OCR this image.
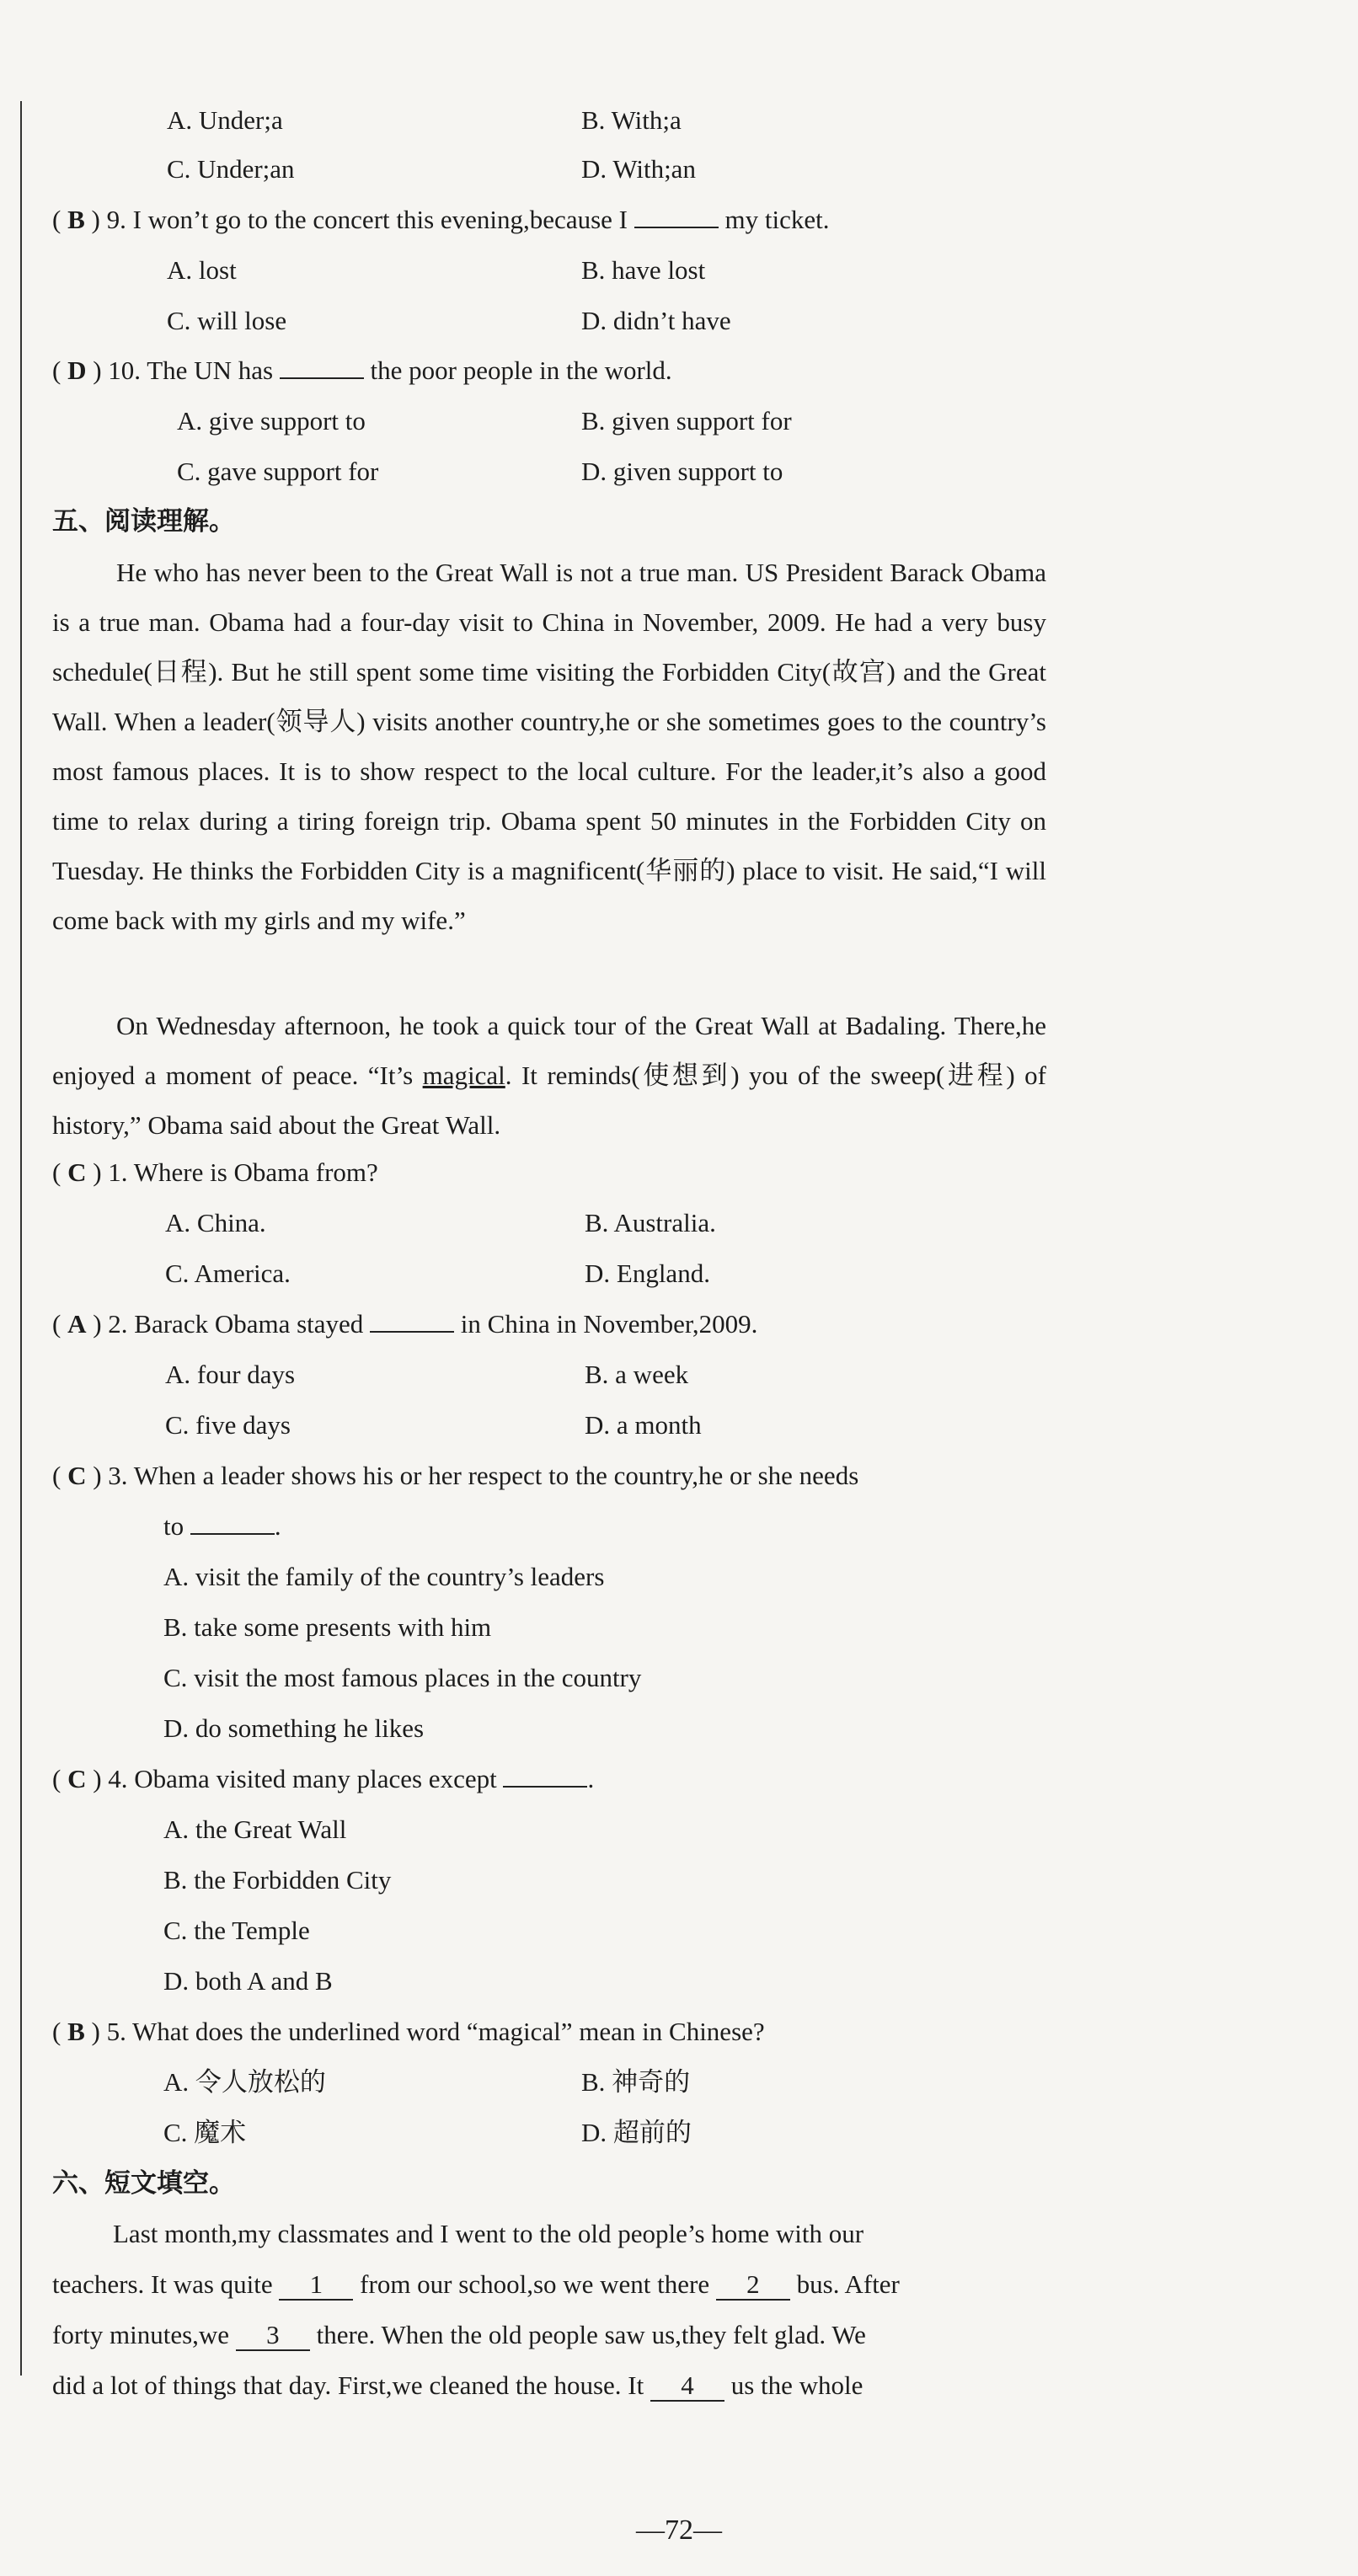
A. Under;a	B. With;a
C. Under;an	D. With;an
( B ) 9. I won’t go to the concert this evening,because I	my ticket.
A. lost	B. have lost
C. will lose	D. didn’t have
( D ) 10. The UN has	the poor people in the world.
A. give support to	B. given support for
C. gave support for	D. given support to
五、阅读理解。
He who has never been to the Great Wall is not a true man. US President Barack Obama is a true man. Obama had a four-day visit to China in November, 2009. He had a very busy schedule(日程). But he still spent some time visiting the Forbidden City(故宫) and the Great Wall. When a leader(领导人) visits another country,he or she sometimes goes to the country’s most famous places. It is to show respect to the local culture. For the leader,it’s also a good time to relax during a tiring foreign trip. Obama spent 50 minutes in the Forbidden City on Tuesday. He thinks the Forbidden City is a magnificent(华丽的) place to visit. He said,“I will come back with my girls and my wife.”
On Wednesday afternoon, he took a quick tour of the Great Wall at Badaling. There,he enjoyed a moment of peace. “It’s magical. It reminds(使想到) you of the sweep(进程) of history,” Obama said about the Great Wall.
( C ) 1. Where is Obama from?
A. China.	B. Australia.
C. America.	D. England.
( A ) 2. Barack Obama stayed	in China in November,2009.
A. four days	B. a week
C. five days	D. a month
( C ) 3. When a leader shows his or her respect to the country,he or she needs
to	.
A. visit the family of the country’s leaders
B. take some presents with him
C. visit the most famous places in the country
D. do something he likes
( C ) 4. Obama visited many places except	.
A. the Great Wall
B. the Forbidden City
C. the Temple
D. both A and B
( B ) 5. What does the underlined word “magical” mean in Chinese?
A. 令人放松的	B. 神奇的
C. 魔术	D. 超前的
六、短文填空。
Last month,my classmates and I went to the old people’s home with our
teachers. It was quite 1 from our school,so we went there 2 bus. After
forty minutes,we 3 there. When the old people saw us,they felt glad. We
did a lot of things that day. First,we cleaned the house. It 4 us the whole
—72—
